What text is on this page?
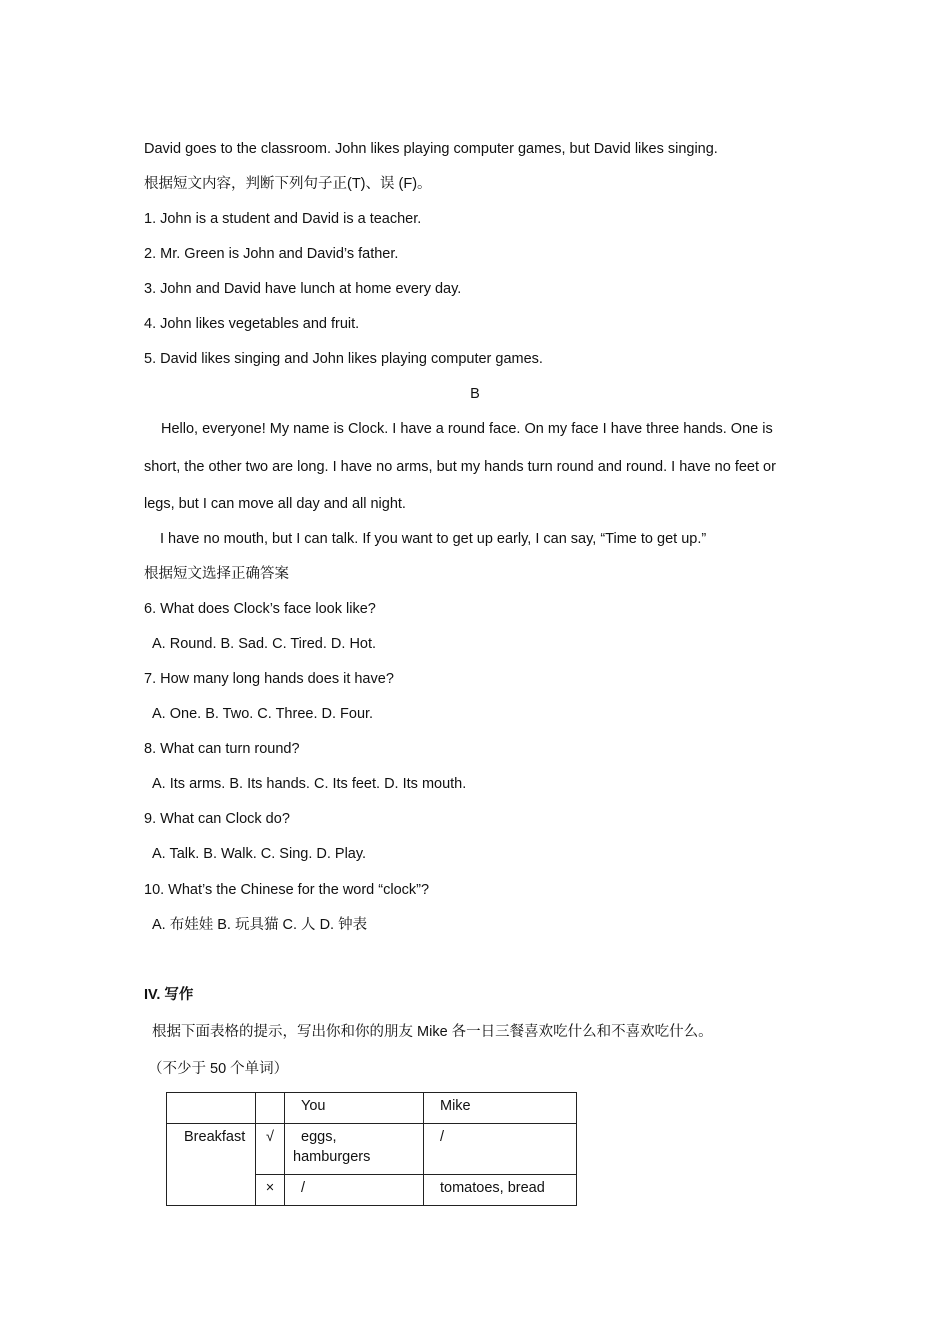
David goes to the classroom. John likes playing computer games, but David likes singing.
根据短文内容，判断下列句子正(T)、误 (F)。
1. John is a student and David is a teacher.
2. Mr. Green is John and David’s father.
3. John and David have lunch at home every day.
4. John likes vegetables and fruit.
5. David likes singing and John likes playing computer games.
B
Hello, everyone! My name is Clock. I have a round face. On my face I have three hands. One is short, the other two are long. I have no arms, but my hands turn round and round. I have no feet or legs, but I can move all day and all night.
I have no mouth, but I can talk. If you want to get up early, I can say, “Time to get up.”
根据短文选择正确答案
6. What does Clock’s face look like?
A. Round. B. Sad. C. Tired. D. Hot.
7. How many long hands does it have?
A. One. B. Two. C. Three. D. Four.
8. What can turn round?
A. Its arms. B. Its hands. C. Its feet. D. Its mouth.
9. What can Clock do?
A. Talk. B. Walk. C. Sing. D. Play.
10. What’s the Chinese for the word “clock”?
A. 布娃娃 B. 玩具猫 C. 人 D. 钟表
IV. 写作
根据下面表格的提示，写出你和你的朋友 Mike 各一日三餐喜欢吃什么和不喜欢吃什么。
（不少于 50 个单词）
		You	Mike
Breakfast	√	eggs, hamburgers	/
	×	/	tomatoes, bread
